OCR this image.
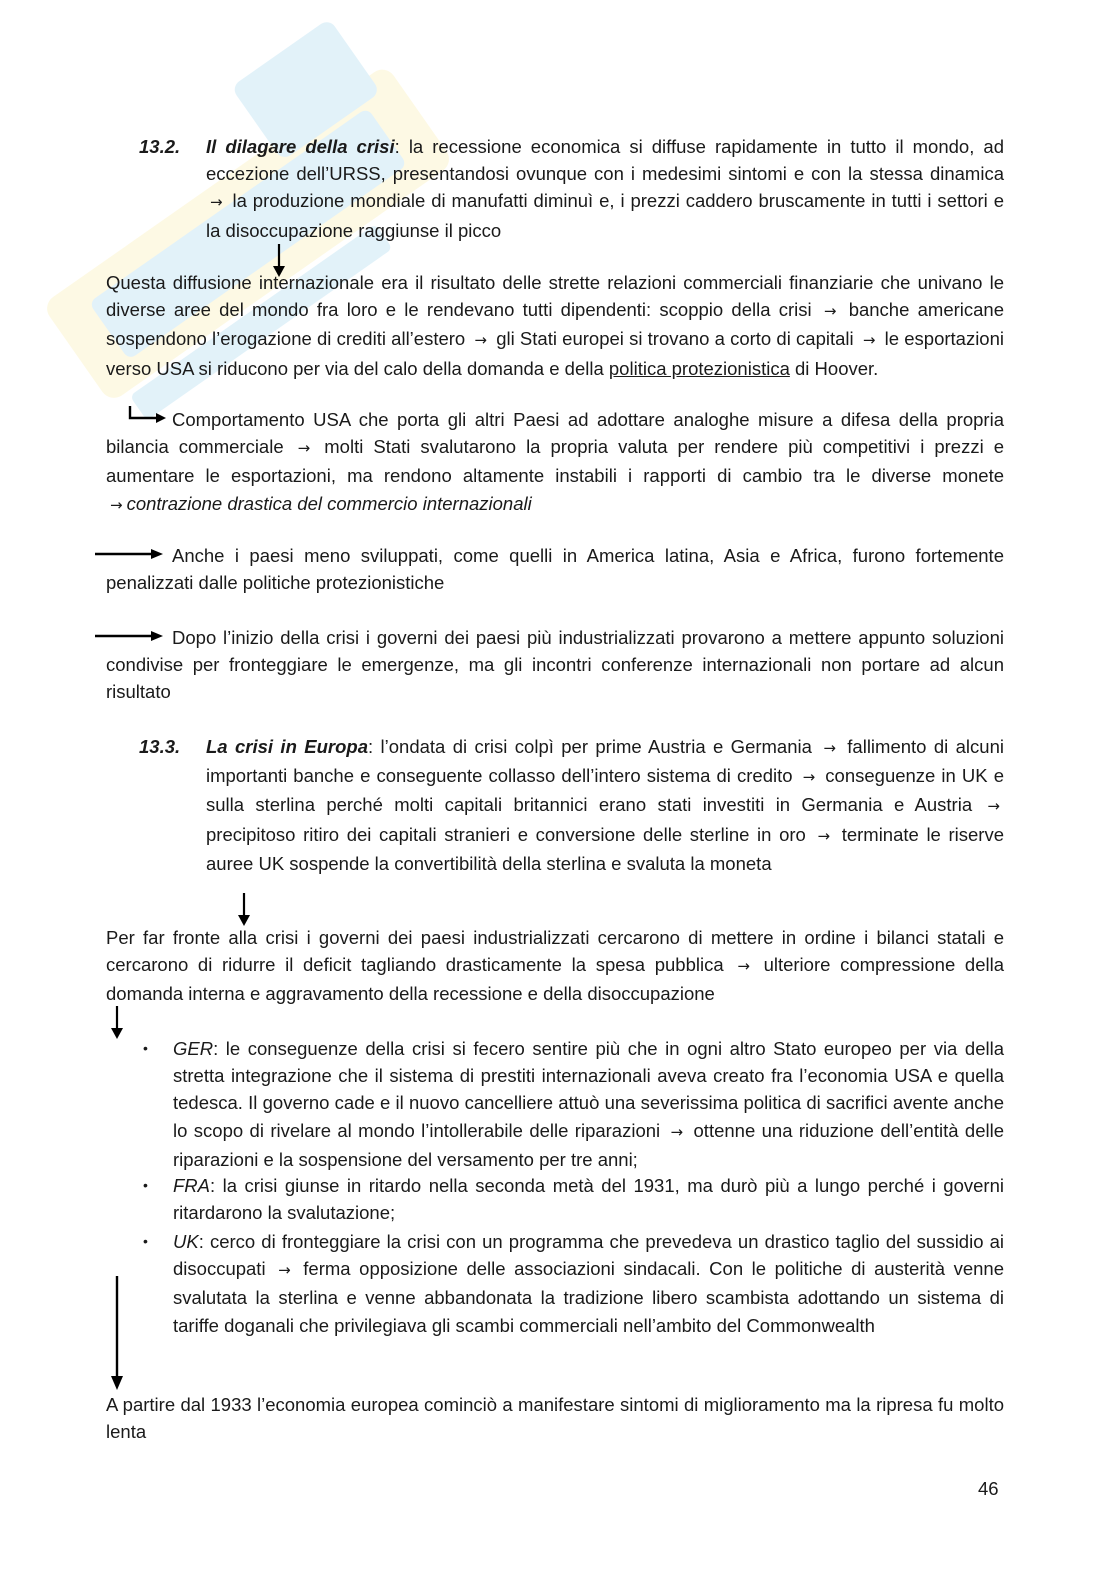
13.2. Il dilagare della crisi: la recessione economica si diffuse rapidamente in tutto il mondo, ad eccezione dell’URSS, presentandosi ovunque con i medesimi sintomi e con la stessa dinamica → la produzione mondiale di manufatti diminuì e, i prezzi caddero bruscamente in tutti i settori e la disoccupazione raggiunse il picco

Questa diffusione internazionale era il risultato delle strette relazioni commerciali finanziarie che univano le diverse aree del mondo fra loro e le rendevano tutti dipendenti: scoppio della crisi → banche americane sospendono l’erogazione di crediti all’estero → gli Stati europei si trovano a corto di capitali → le esportazioni verso USA si riducono per via del calo della domanda e della politica protezionistica di Hoover.

Comportamento USA che porta gli altri Paesi ad adottare analoghe misure a difesa della propria bilancia commerciale → molti Stati svalutarono la propria valuta per rendere più competitivi i prezzi e aumentare le esportazioni, ma rendono altamente instabili i rapporti di cambio tra le diverse monete → contrazione drastica del commercio internazionali

Anche i paesi meno sviluppati, come quelli in America latina, Asia e Africa, furono fortemente penalizzati dalle politiche protezionistiche

Dopo l’inizio della crisi i governi dei paesi più industrializzati provarono a mettere appunto soluzioni condivise per fronteggiare le emergenze, ma gli incontri conferenze internazionali non portare ad alcun risultato

13.3. La crisi in Europa: l’ondata di crisi colpì per prime Austria e Germania → fallimento di alcuni importanti banche e conseguente collasso dell’intero sistema di credito → conseguenze in UK e sulla sterlina perché molti capitali britannici erano stati investiti in Germania e Austria → precipitoso ritiro dei capitali stranieri e conversione delle sterline in oro → terminate le riserve auree UK sospende la convertibilità della sterlina e svaluta la moneta

Per far fronte alla crisi i governi dei paesi industrializzati cercarono di mettere in ordine i bilanci statali e cercarono di ridurre il deficit tagliando drasticamente la spesa pubblica → ulteriore compressione della domanda interna e aggravamento della recessione e della disoccupazione

• GER: le conseguenze della crisi si fecero sentire più che in ogni altro Stato europeo per via della stretta integrazione che il sistema di prestiti internazionali aveva creato fra l’economia USA e quella tedesca. Il governo cade e il nuovo cancelliere attuò una severissima politica di sacrifici avente anche lo scopo di rivelare al mondo l’intollerabile delle riparazioni → ottenne una riduzione dell’entità delle riparazioni e la sospensione del versamento per tre anni;

• FRA: la crisi giunse in ritardo nella seconda metà del 1931, ma durò più a lungo perché i governi ritardarono la svalutazione;

• UK: cerco di fronteggiare la crisi con un programma che prevedeva un drastico taglio del sussidio ai disoccupati → ferma opposizione delle associazioni sindacali. Con le politiche di austerità venne svalutata la sterlina e venne abbandonata la tradizione libero scambista adottando un sistema di tariffe doganali che privilegiava gli scambi commerciali nell’ambito del Commonwealth

A partire dal 1933 l’economia europea cominciò a manifestare sintomi di miglioramento ma la ripresa fu molto lenta

46
